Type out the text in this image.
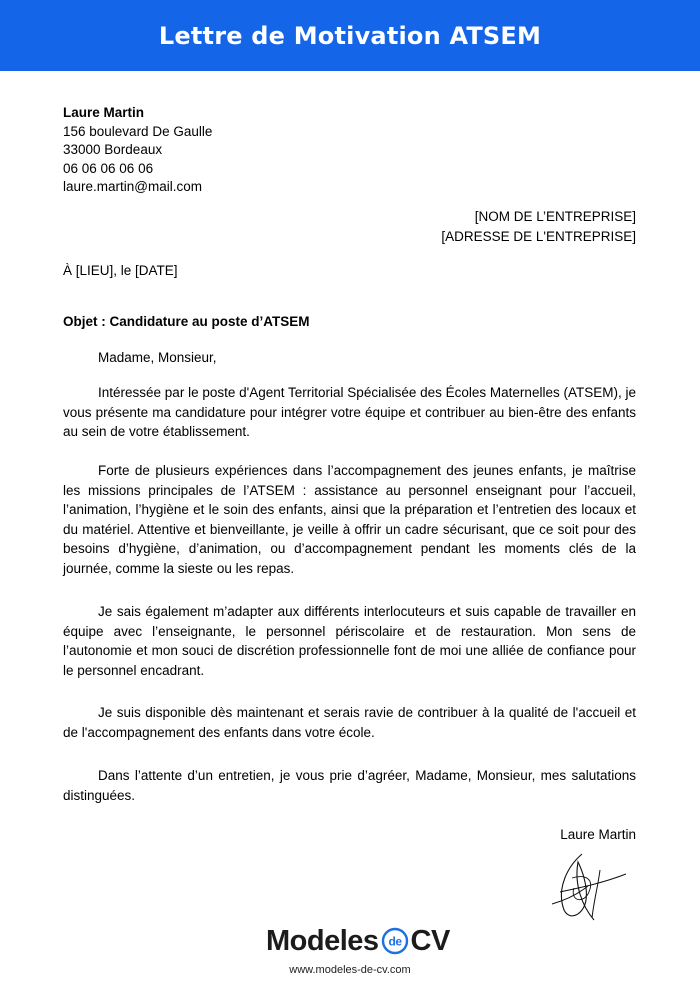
Lettre de Motivation ATSEM
Laure Martin
156 boulevard De Gaulle
33000 Bordeaux
06 06 06 06 06
laure.martin@mail.com
[NOM DE L’ENTREPRISE]
[ADRESSE DE L'ENTREPRISE]
À [LIEU], le [DATE]
Objet : Candidature au poste d’ATSEM
Madame, Monsieur,

Intéressée par le poste d'Agent Territorial Spécialisée des Écoles Maternelles (ATSEM), je vous présente ma candidature pour intégrer votre équipe et contribuer au bien-être des enfants au sein de votre établissement.

Forte de plusieurs expériences dans l’accompagnement des jeunes enfants, je maîtrise les missions principales de l’ATSEM : assistance au personnel enseignant pour l’accueil, l’animation, l’hygiène et le soin des enfants, ainsi que la préparation et l’entretien des locaux et du matériel. Attentive et bienveillante, je veille à offrir un cadre sécurisant, que ce soit pour des besoins d’hygiène, d’animation, ou d’accompagnement pendant les moments clés de la journée, comme la sieste ou les repas.

Je sais également m’adapter aux différents interlocuteurs et suis capable de travailler en équipe avec l’enseignante, le personnel périscolaire et de restauration. Mon sens de l’autonomie et mon souci de discrétion professionnelle font de moi une alliée de confiance pour le personnel encadrant.

Je suis disponible dès maintenant et serais ravie de contribuer à la qualité de l'accueil et de l'accompagnement des enfants dans votre école.

Dans l’attente d’un entretien, je vous prie d’agréer, Madame, Monsieur, mes salutations distinguées.

Laure Martin
Modeles de CV
www.modeles-de-cv.com
